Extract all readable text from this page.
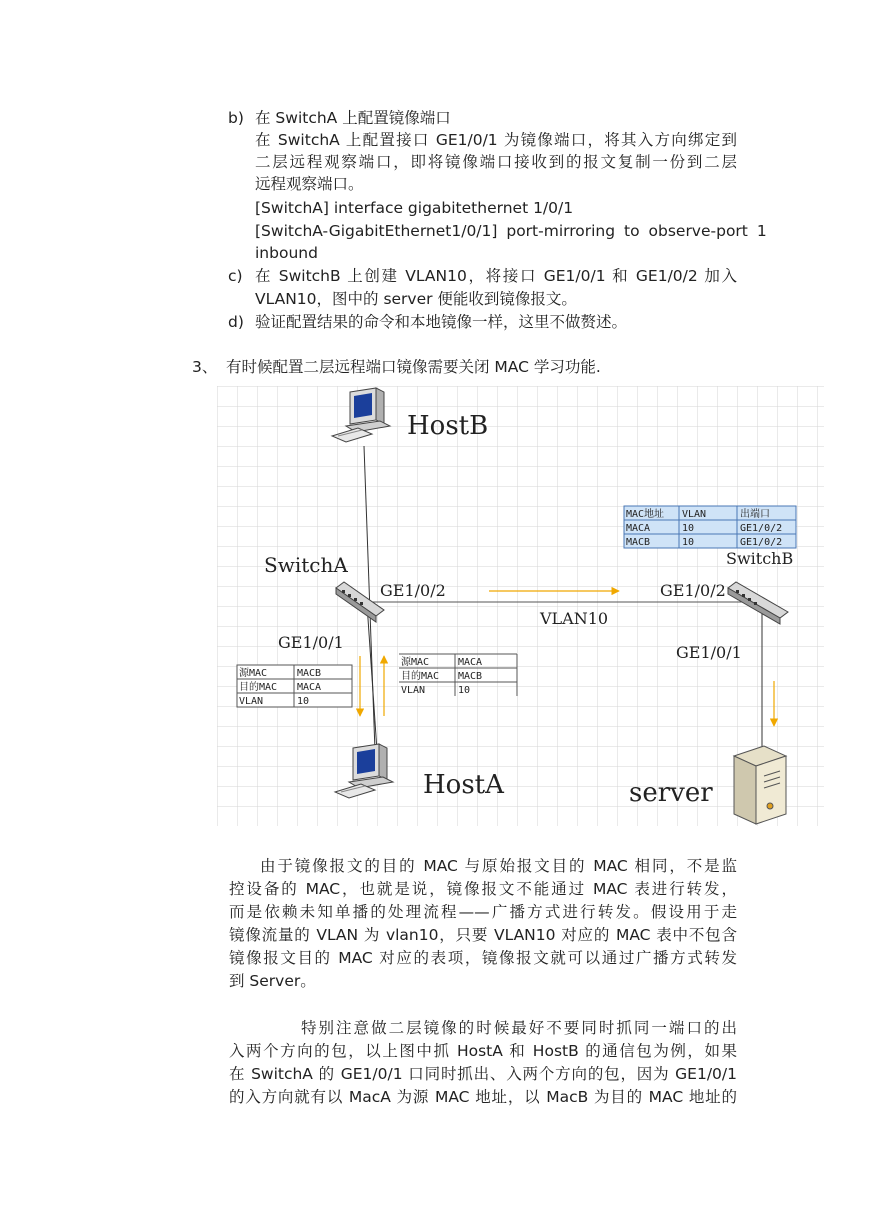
b) 在 SwitchA 上配置镜像端口
在 SwitchA 上配置接口 GE1/0/1 为镜像端口，将其入方向绑定到
二层远程观察端口，即将镜像端口接收到的报文复制一份到二层
远程观察端口。
[SwitchA] interface gigabitethernet 1/0/1
[SwitchA-GigabitEthernet1/0/1] port-mirroring to observe-port 1
inbound
c) 在 SwitchB 上创建 VLAN10，将接口 GE1/0/1 和 GE1/0/2 加入
VLAN10，图中的 server 便能收到镜像报文。
d) 验证配置结果的命令和本地镜像一样，这里不做赘述。
3、 有时候配置二层远程端口镜像需要关闭 MAC 学习功能.
HostB
HostA
SwitchA	SwitchB
server
GE1/0/2	GE1/0/2
GE1/0/1
GE1/0/1
VLAN10
MAC地址 VLAN	出端口
MACA	10	GE1/0/2
MACB	10	GE1/0/2
源MAC	MACB
目的MAC MACA
VLAN	10
源MAC	MACA
目的MAC MACB
VLAN	10
由于镜像报文的目的 MAC 与原始报文目的 MAC 相同，不是监
控设备的 MAC，也就是说，镜像报文不能通过 MAC 表进行转发，
而是依赖未知单播的处理流程——广播方式进行转发。假设用于走
镜像流量的 VLAN 为 vlan10，只要 VLAN10 对应的 MAC 表中不包含
镜像报文目的 MAC 对应的表项，镜像报文就可以通过广播方式转发
到 Server。
特别注意做二层镜像的时候最好不要同时抓同一端口的出
入两个方向的包，以上图中抓 HostA 和 HostB 的通信包为例，如果
在 SwitchA 的 GE1/0/1 口同时抓出、入两个方向的包，因为 GE1/0/1
的入方向就有以 MacA 为源 MAC 地址，以 MacB 为目的 MAC 地址的
